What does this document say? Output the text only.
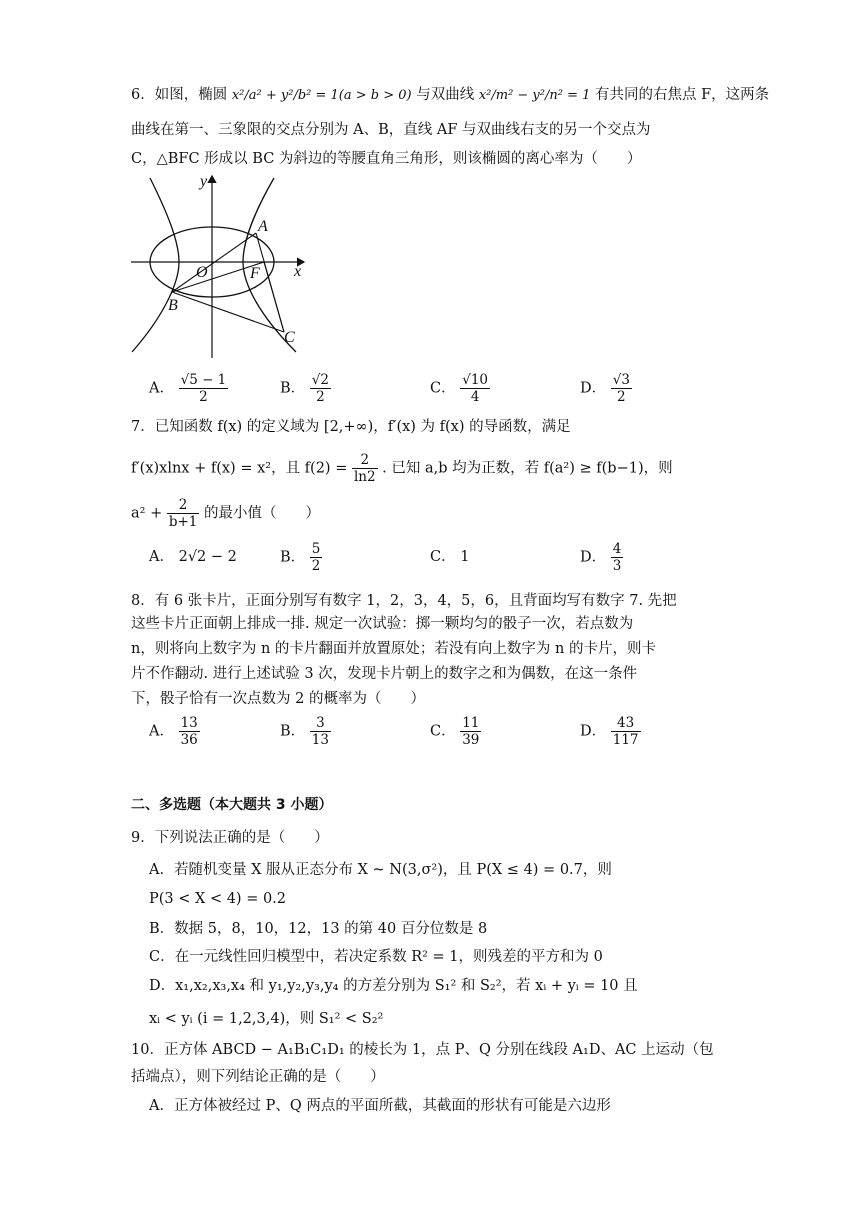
6．如图，椭圆 x²/a² + y²/b² = 1(a > b > 0) 与双曲线 x²/m² − y²/n² = 1 有共同的右焦点 F，这两条
曲线在第一、三象限的交点分别为 A、B，直线 AF 与双曲线右支的另一个交点为
C，△BFC 形成以 BC 为斜边的等腰直角三角形，则该椭圆的离心率为（　　）
y
x
O
A
B
F
C
A． $\frac{√5 - 1}{2}$	B． $\frac{√2}{2}$	C． $\frac{√10}{4}$	D． $\frac{√3}{2}$
7．已知函数 f(x) 的定义域为 [2,+∞)，f′(x) 为 f(x) 的导函数，满足
f′(x)xlnx + f(x) = x²，且 $f(2) = \frac{2}{\ln 2}$ . 已知 a,b 均为正数，若 f(a²) ≥ f(b−1)，则
$a^2 + \frac{2}{b+1}$ 的最小值（　　）
A． 2√2 − 2	B． $\frac{5}{2}$	C． 1	D． $\frac{4}{3}$
8．有 6 张卡片，正面分别写有数字 1，2，3，4，5，6，且背面均写有数字 7. 先把
这些卡片正面朝上排成一排. 规定一次试验：掷一颗均匀的骰子一次，若点数为
n，则将向上数字为 n 的卡片翻面并放置原处；若没有向上数字为 n 的卡片，则卡
片不作翻动. 进行上述试验 3 次，发现卡片朝上的数字之和为偶数，在这一条件
下，骰子恰有一次点数为 2 的概率为（　　）
A． $\frac{13}{36}$	B． $\frac{3}{13}$	C． $\frac{11}{39}$	D． $\frac{43}{117}$
二、多选题（本大题共 3 小题）
9．下列说法正确的是（　　）
A．若随机变量 X 服从正态分布 X ~ N(3,σ²)，且 P(X ≤ 4) = 0.7，则
P(3 < X < 4) = 0.2
B．数据 5，8，10，12，13 的第 40 百分位数是 8
C．在一元线性回归模型中，若决定系数 R² = 1，则残差的平方和为 0
D．x₁,x₂,x₃,x₄ 和 y₁,y₂,y₃,y₄ 的方差分别为 S₁² 和 S₂²，若 xᵢ + yᵢ = 10 且
xᵢ < yᵢ (i = 1,2,3,4)，则 S₁² < S₂²
10．正方体 ABCD − A₁B₁C₁D₁ 的棱长为 1，点 P、Q 分别在线段 A₁D、AC 上运动（包
括端点），则下列结论正确的是（　　）
A．正方体被经过 P、Q 两点的平面所截，其截面的形状有可能是六边形
